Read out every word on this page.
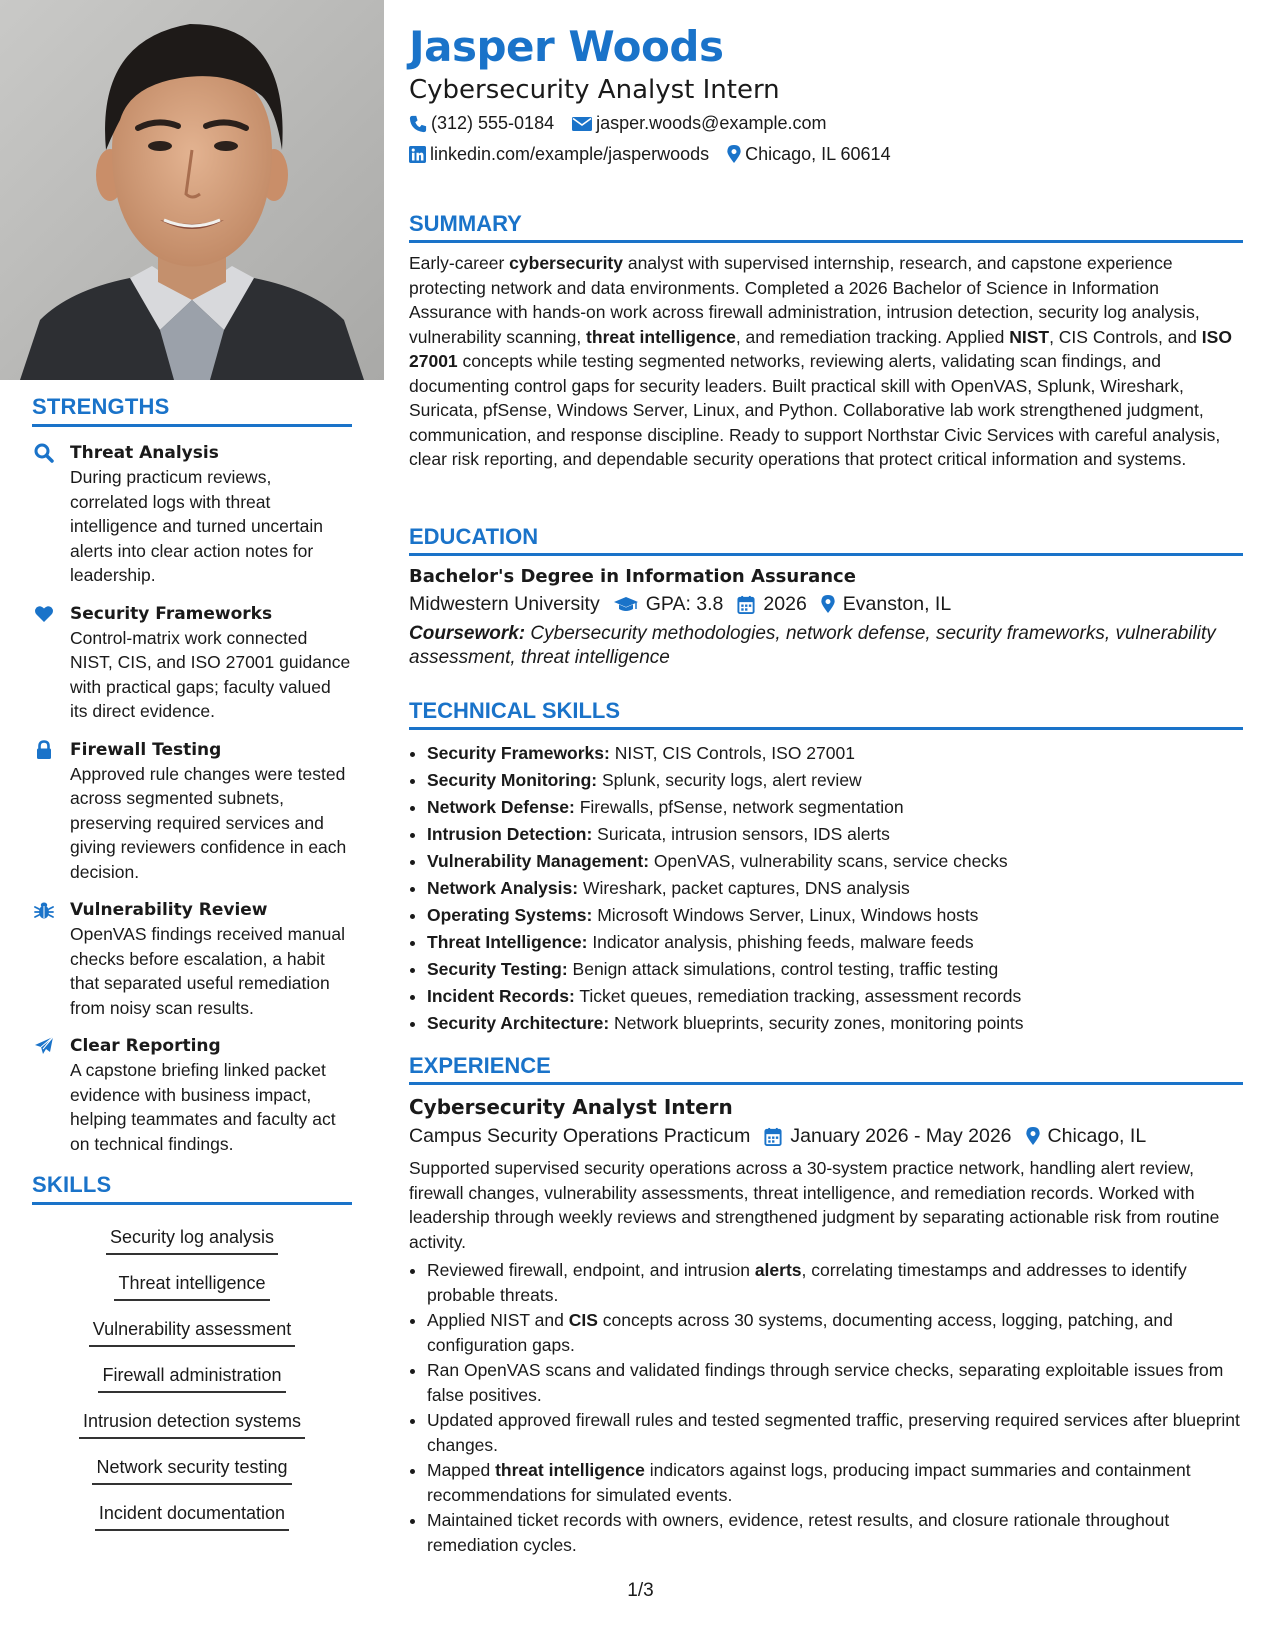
STRENGTHS
Threat Analysis
During practicum reviews, correlated logs with threat intelligence and turned uncertain alerts into clear action notes for leadership.
Security Frameworks
Control-matrix work connected NIST, CIS, and ISO 27001 guidance with practical gaps; faculty valued its direct evidence.
Firewall Testing
Approved rule changes were tested across segmented subnets, preserving required services and giving reviewers confidence in each decision.
Vulnerability Review
OpenVAS findings received manual checks before escalation, a habit that separated useful remediation from noisy scan results.
Clear Reporting
A capstone briefing linked packet evidence with business impact, helping teammates and faculty act on technical findings.
SKILLS
Security log analysis
Threat intelligence
Vulnerability assessment
Firewall administration
Intrusion detection systems
Network security testing
Incident documentation
Jasper Woods
Cybersecurity Analyst Intern
(312) 555-0184 jasper.woods@example.com
linkedin.com/example/jasperwoods Chicago, IL 60614
SUMMARY
Early-career cybersecurity analyst with supervised internship, research, and capstone experience protecting network and data environments. Completed a 2026 Bachelor of Science in Information Assurance with hands-on work across firewall administration, intrusion detection, security log analysis, vulnerability scanning, threat intelligence, and remediation tracking. Applied NIST, CIS Controls, and ISO 27001 concepts while testing segmented networks, reviewing alerts, validating scan findings, and documenting control gaps for security leaders. Built practical skill with OpenVAS, Splunk, Wireshark, Suricata, pfSense, Windows Server, Linux, and Python. Collaborative lab work strengthened judgment, communication, and response discipline. Ready to support Northstar Civic Services with careful analysis, clear risk reporting, and dependable security operations that protect critical information and systems.
EDUCATION
Bachelor's Degree in Information Assurance
Midwestern University GPA: 3.8 2026 Evanston, IL
Coursework: Cybersecurity methodologies, network defense, security frameworks, vulnerability assessment, threat intelligence
TECHNICAL SKILLS
• Security Frameworks: NIST, CIS Controls, ISO 27001
• Security Monitoring: Splunk, security logs, alert review
• Network Defense: Firewalls, pfSense, network segmentation
• Intrusion Detection: Suricata, intrusion sensors, IDS alerts
• Vulnerability Management: OpenVAS, vulnerability scans, service checks
• Network Analysis: Wireshark, packet captures, DNS analysis
• Operating Systems: Microsoft Windows Server, Linux, Windows hosts
• Threat Intelligence: Indicator analysis, phishing feeds, malware feeds
• Security Testing: Benign attack simulations, control testing, traffic testing
• Incident Records: Ticket queues, remediation tracking, assessment records
• Security Architecture: Network blueprints, security zones, monitoring points
EXPERIENCE
Cybersecurity Analyst Intern
Campus Security Operations Practicum January 2026 - May 2026 Chicago, IL
Supported supervised security operations across a 30-system practice network, handling alert review, firewall changes, vulnerability assessments, threat intelligence, and remediation records. Worked with leadership through weekly reviews and strengthened judgment by separating actionable risk from routine activity.
• Reviewed firewall, endpoint, and intrusion alerts, correlating timestamps and addresses to identify probable threats.
• Applied NIST and CIS concepts across 30 systems, documenting access, logging, patching, and configuration gaps.
• Ran OpenVAS scans and validated findings through service checks, separating exploitable issues from false positives.
• Updated approved firewall rules and tested segmented traffic, preserving required services after blueprint changes.
• Mapped threat intelligence indicators against logs, producing impact summaries and containment recommendations for simulated events.
• Maintained ticket records with owners, evidence, retest results, and closure rationale throughout remediation cycles.
1/3
